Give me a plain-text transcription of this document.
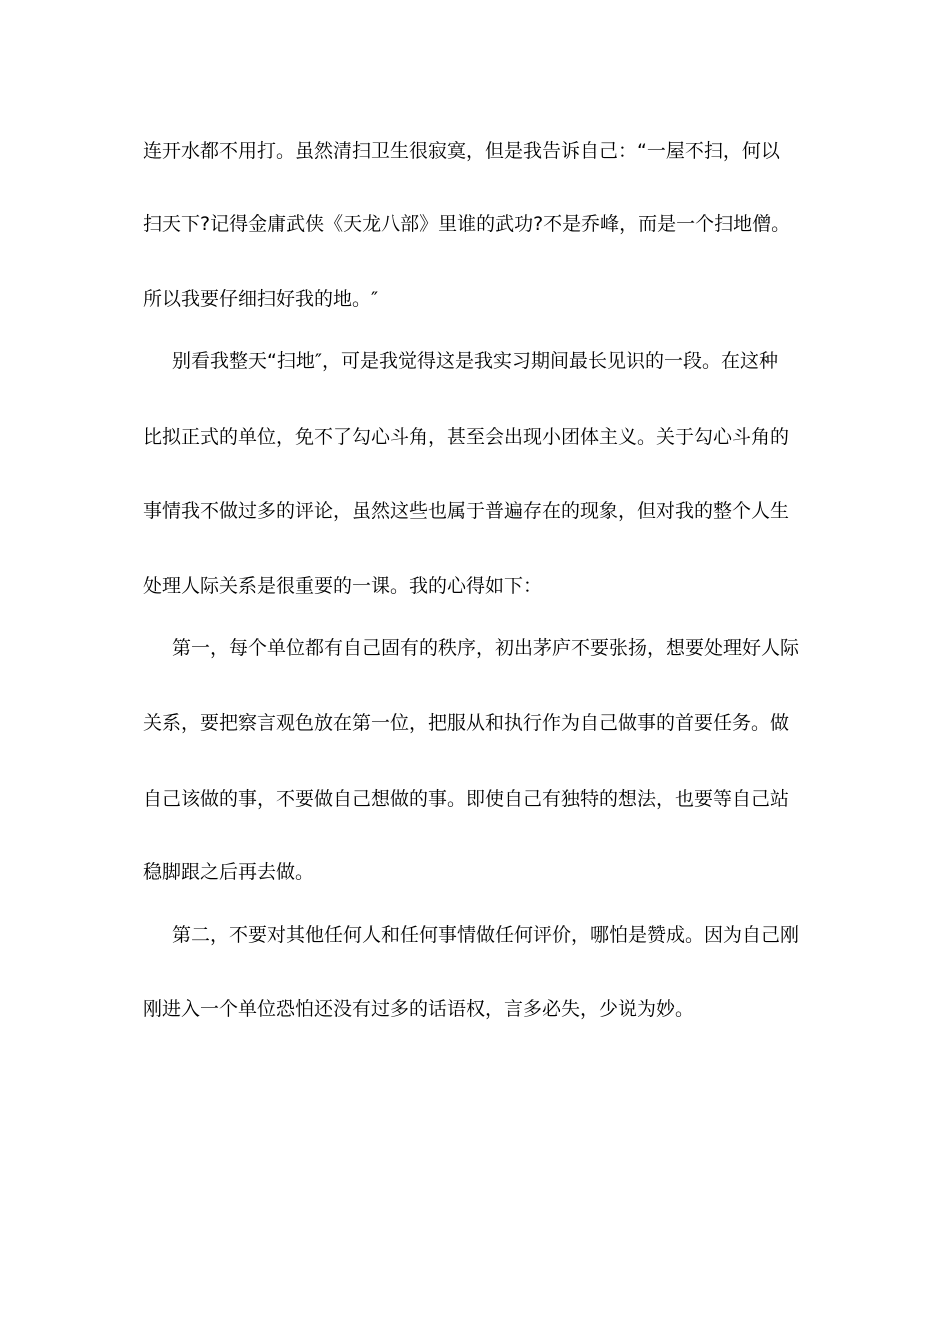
连开水都不用打。虽然清扫卫生很寂寞，但是我告诉自己：“一屋不扫，何以
扫天下?记得金庸武侠《天龙八部》里谁的武功?不是乔峰，而是一个扫地僧。
所以我要仔细扫好我的地。″
别看我整天“扫地″，可是我觉得这是我实习期间最长见识的一段。在这种
比拟正式的单位，免不了勾心斗角，甚至会出现小团体主义。关于勾心斗角的
事情我不做过多的评论，虽然这些也属于普遍存在的现象，但对我的整个人生
处理人际关系是很重要的一课。我的心得如下：
第一，每个单位都有自己固有的秩序，初出茅庐不要张扬，想要处理好人际
关系，要把察言观色放在第一位，把服从和执行作为自己做事的首要任务。做
自己该做的事，不要做自己想做的事。即使自己有独特的想法，也要等自己站
稳脚跟之后再去做。
第二，不要对其他任何人和任何事情做任何评价，哪怕是赞成。因为自己刚
刚进入一个单位恐怕还没有过多的话语权，言多必失，少说为妙。
